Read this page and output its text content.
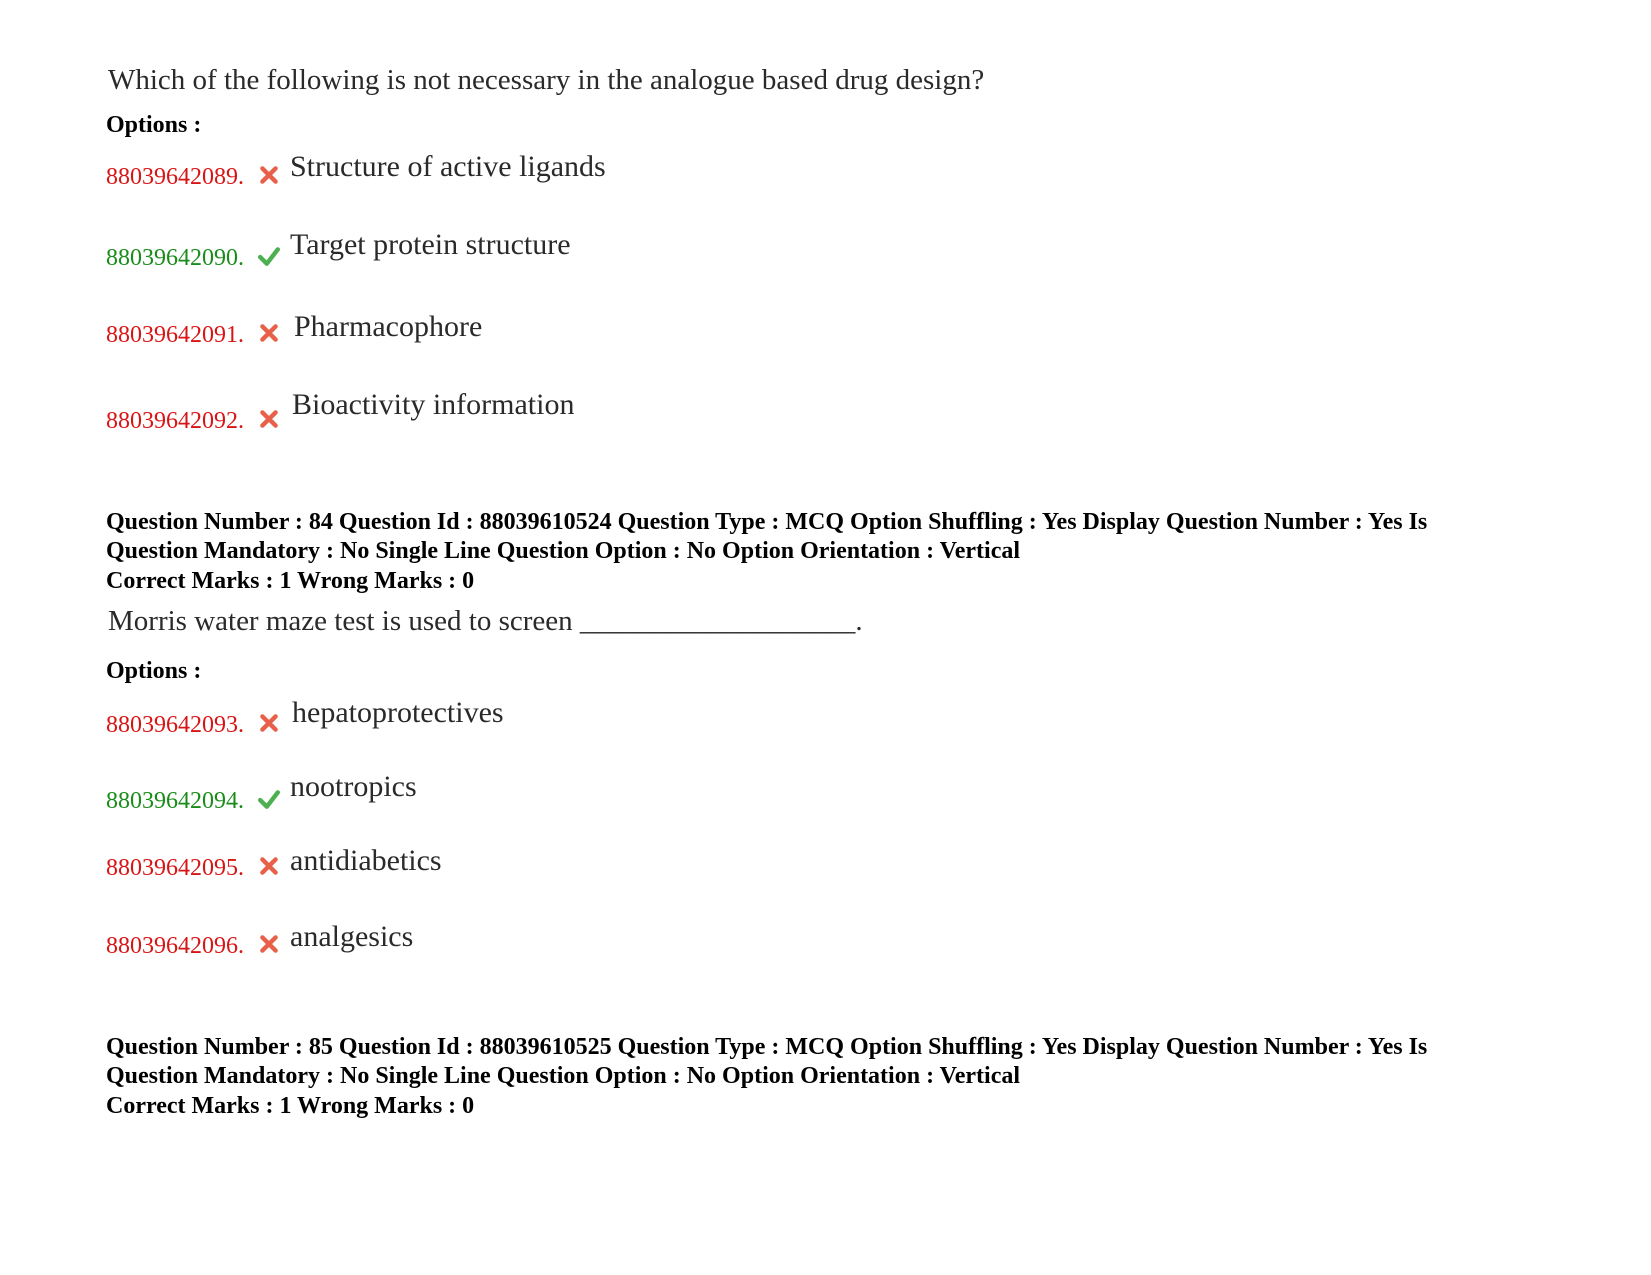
Which of the following is not necessary in the analogue based drug design?
Options :
88039642089. Structure of active ligands
88039642090. Target protein structure
88039642091. Pharmacophore
88039642092. Bioactivity information
Question Number : 84 Question Id : 88039610524 Question Type : MCQ Option Shuffling : Yes Display Question Number : Yes Is
Question Mandatory : No Single Line Question Option : No Option Orientation : Vertical
Correct Marks : 1 Wrong Marks : 0
Morris water maze test is used to screen ___________________.
Options :
88039642093. hepatoprotectives
88039642094. nootropics
88039642095. antidiabetics
88039642096. analgesics
Question Number : 85 Question Id : 88039610525 Question Type : MCQ Option Shuffling : Yes Display Question Number : Yes Is
Question Mandatory : No Single Line Question Option : No Option Orientation : Vertical
Correct Marks : 1 Wrong Marks : 0
